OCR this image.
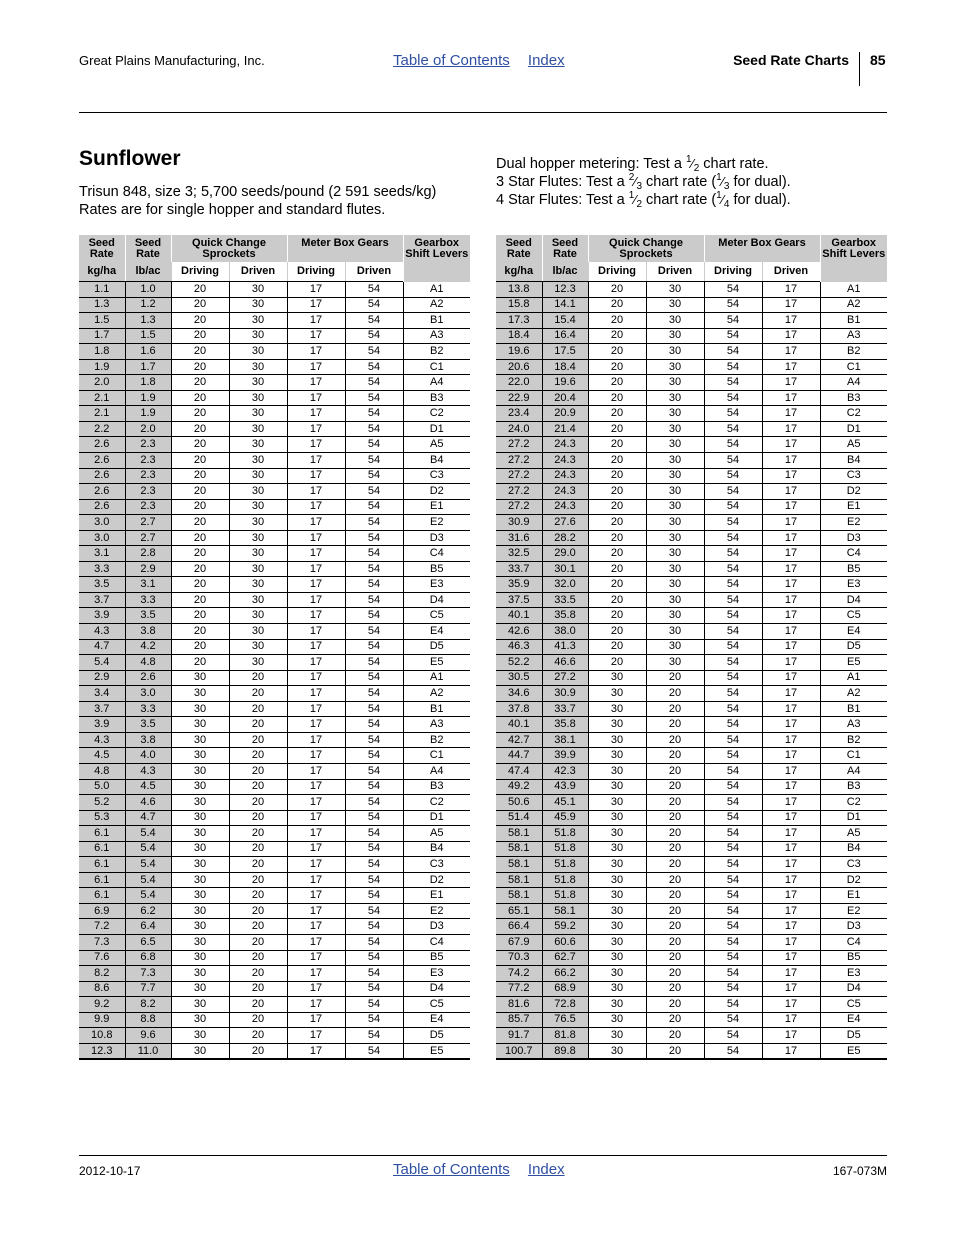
Great Plains Manufacturing, Inc.	Table of Contents Index	Seed Rate Charts 85
Sunflower
Trisun 848, size 3; 5,700 seeds/pound (2 591 seeds/kg)
Rates are for single hopper and standard flutes.
Dual hopper metering: Test a $^1⁄_2$ chart rate.
3 Star Flutes: Test a $^2⁄_3$ chart rate ($^1⁄_3$ for dual).
4 Star Flutes: Test a $^1⁄_2$ chart rate ($^1⁄_4$ for dual).
Seed Rate	Seed Rate	Quick Change Sprockets		Meter Box Gears		Gearbox Shift Levers
kg/ha	lb/ac	Driving	Driven	Driving	Driven	
1.1	1.0	20	30	17	54	A1
1.3	1.2	20	30	17	54	A2
1.5	1.3	20	30	17	54	B1
1.7	1.5	20	30	17	54	A3
1.8	1.6	20	30	17	54	B2
1.9	1.7	20	30	17	54	C1
2.0	1.8	20	30	17	54	A4
2.1	1.9	20	30	17	54	B3
2.1	1.9	20	30	17	54	C2
2.2	2.0	20	30	17	54	D1
2.6	2.3	20	30	17	54	A5
2.6	2.3	20	30	17	54	B4
2.6	2.3	20	30	17	54	C3
2.6	2.3	20	30	17	54	D2
2.6	2.3	20	30	17	54	E1
3.0	2.7	20	30	17	54	E2
3.0	2.7	20	30	17	54	D3
3.1	2.8	20	30	17	54	C4
3.3	2.9	20	30	17	54	B5
3.5	3.1	20	30	17	54	E3
3.7	3.3	20	30	17	54	D4
3.9	3.5	20	30	17	54	C5
4.3	3.8	20	30	17	54	E4
4.7	4.2	20	30	17	54	D5
5.4	4.8	20	30	17	54	E5
2.9	2.6	30	20	17	54	A1
3.4	3.0	30	20	17	54	A2
3.7	3.3	30	20	17	54	B1
3.9	3.5	30	20	17	54	A3
4.3	3.8	30	20	17	54	B2
4.5	4.0	30	20	17	54	C1
4.8	4.3	30	20	17	54	A4
5.0	4.5	30	20	17	54	B3
5.2	4.6	30	20	17	54	C2
5.3	4.7	30	20	17	54	D1
6.1	5.4	30	20	17	54	A5
6.1	5.4	30	20	17	54	B4
6.1	5.4	30	20	17	54	C3
6.1	5.4	30	20	17	54	D2
6.1	5.4	30	20	17	54	E1
6.9	6.2	30	20	17	54	E2
7.2	6.4	30	20	17	54	D3
7.3	6.5	30	20	17	54	C4
7.6	6.8	30	20	17	54	B5
8.2	7.3	30	20	17	54	E3
8.6	7.7	30	20	17	54	D4
9.2	8.2	30	20	17	54	C5
9.9	8.8	30	20	17	54	E4
10.8	9.6	30	20	17	54	D5
12.3	11.0	30	20	17	54	E5
Seed Rate	Seed Rate	Quick Change Sprockets		Meter Box Gears		Gearbox Shift Levers
kg/ha	lb/ac	Driving	Driven	Driving	Driven	
13.8	12.3	20	30	54	17	A1
15.8	14.1	20	30	54	17	A2
17.3	15.4	20	30	54	17	B1
18.4	16.4	20	30	54	17	A3
19.6	17.5	20	30	54	17	B2
20.6	18.4	20	30	54	17	C1
22.0	19.6	20	30	54	17	A4
22.9	20.4	20	30	54	17	B3
23.4	20.9	20	30	54	17	C2
24.0	21.4	20	30	54	17	D1
27.2	24.3	20	30	54	17	A5
27.2	24.3	20	30	54	17	B4
27.2	24.3	20	30	54	17	C3
27.2	24.3	20	30	54	17	D2
27.2	24.3	20	30	54	17	E1
30.9	27.6	20	30	54	17	E2
31.6	28.2	20	30	54	17	D3
32.5	29.0	20	30	54	17	C4
33.7	30.1	20	30	54	17	B5
35.9	32.0	20	30	54	17	E3
37.5	33.5	20	30	54	17	D4
40.1	35.8	20	30	54	17	C5
42.6	38.0	20	30	54	17	E4
46.3	41.3	20	30	54	17	D5
52.2	46.6	20	30	54	17	E5
30.5	27.2	30	20	54	17	A1
34.6	30.9	30	20	54	17	A2
37.8	33.7	30	20	54	17	B1
40.1	35.8	30	20	54	17	A3
42.7	38.1	30	20	54	17	B2
44.7	39.9	30	20	54	17	C1
47.4	42.3	30	20	54	17	A4
49.2	43.9	30	20	54	17	B3
50.6	45.1	30	20	54	17	C2
51.4	45.9	30	20	54	17	D1
58.1	51.8	30	20	54	17	A5
58.1	51.8	30	20	54	17	B4
58.1	51.8	30	20	54	17	C3
58.1	51.8	30	20	54	17	D2
58.1	51.8	30	20	54	17	E1
65.1	58.1	30	20	54	17	E2
66.4	59.2	30	20	54	17	D3
67.9	60.6	30	20	54	17	C4
70.3	62.7	30	20	54	17	B5
74.2	66.2	30	20	54	17	E3
77.2	68.9	30	20	54	17	D4
81.6	72.8	30	20	54	17	C5
85.7	76.5	30	20	54	17	E4
91.7	81.8	30	20	54	17	D5
100.7	89.8	30	20	54	17	E5
2012-10-17	Table of Contents Index	167-073M
